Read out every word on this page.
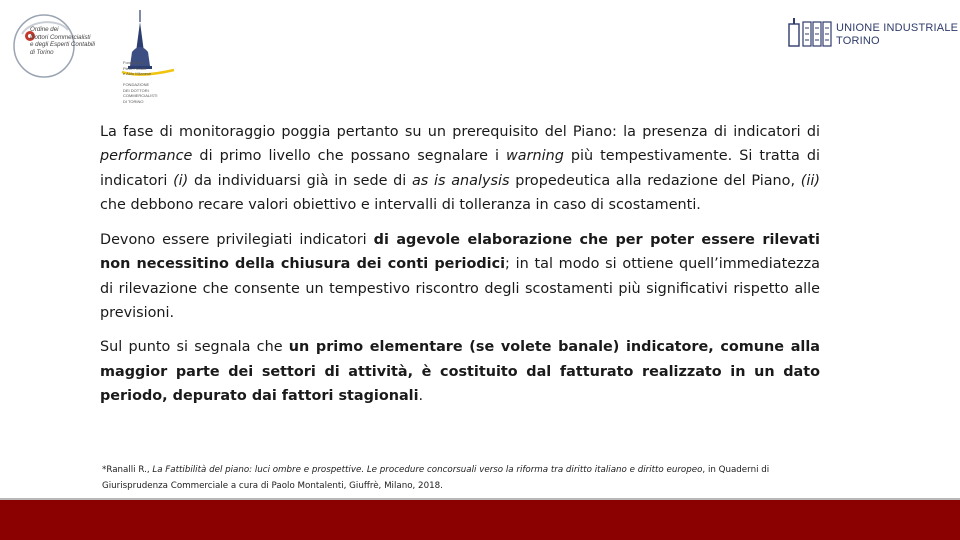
Ordine dei
Dottori Commercialisti
e degli Esperti Contabili
di Torino
Fondazione
Piero Piccatti
e Aldo Milanese

FONDAZIONE
DEI DOTTORI
COMMERCIALISTI
DI TORINO
UNIONE INDUSTRIALE
TORINO

La fase di monitoraggio poggia pertanto su un prerequisito del Piano: la presenza di indicatori di performance di primo livello che possano segnalare i warning più tempestivamente. Si tratta di indicatori (i) da individuarsi già in sede di as is analysis propedeutica alla redazione del Piano, (ii) che debbono recare valori obiettivo e intervalli di tolleranza in caso di scostamenti.

Devono essere privilegiati indicatori di agevole elaborazione che per poter essere rilevati non necessitino della chiusura dei conti periodici; in tal modo si ottiene quell’immediatezza di rilevazione che consente un tempestivo riscontro degli scostamenti più significativi rispetto alle previsioni.

Sul punto si segnala che un primo elementare (se volete banale) indicatore, comune alla maggior parte dei settori di attività, è costituito dal fatturato realizzato in un dato periodo, depurato dai fattori stagionali.

*Ranalli R., La Fattibilità del piano: luci ombre e prospettive. Le procedure concorsuali verso la riforma tra diritto italiano e diritto europeo, in Quaderni di Giurisprudenza Commerciale a cura di Paolo Montalenti, Giuffrè, Milano, 2018.
